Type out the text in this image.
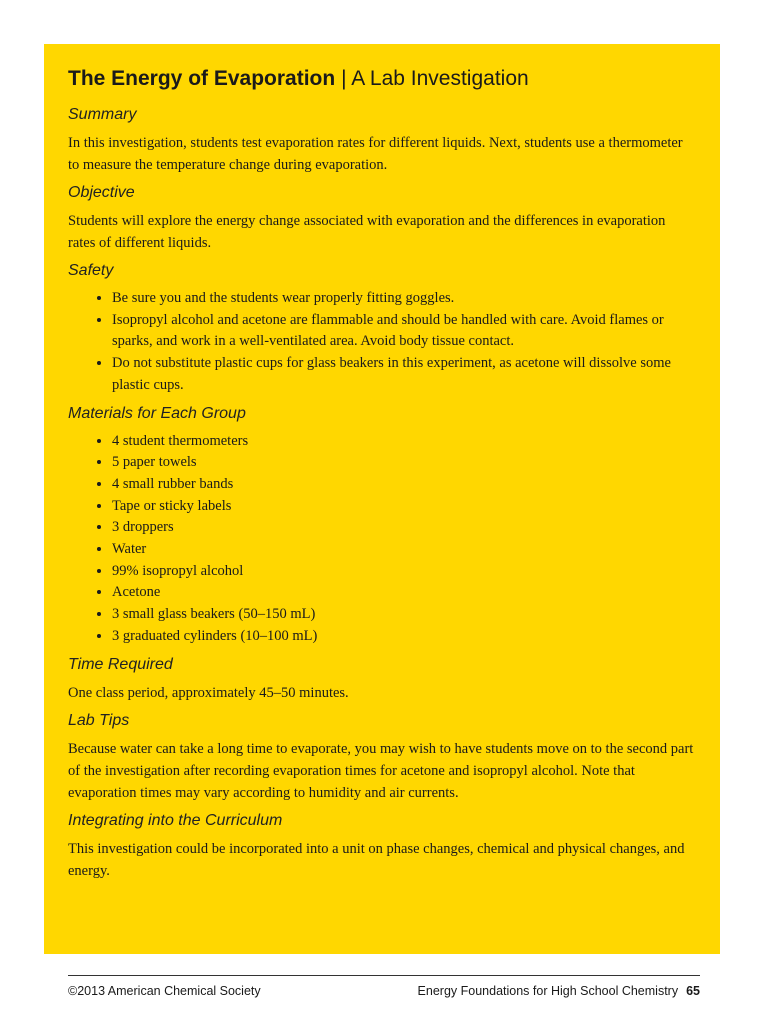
The Energy of Evaporation | A Lab Investigation
Summary

In this investigation, students test evaporation rates for different liquids. Next, students use a thermometer to measure the temperature change during evaporation.

Objective

Students will explore the energy change associated with evaporation and the differences in evaporation rates of different liquids.

Safety
• Be sure you and the students wear properly fitting goggles.
• Isopropyl alcohol and acetone are flammable and should be handled with care. Avoid flames or sparks, and work in a well-ventilated area. Avoid body tissue contact.
• Do not substitute plastic cups for glass beakers in this experiment, as acetone will dissolve some plastic cups.
Materials for Each Group
• 4 student thermometers
• 5 paper towels
• 4 small rubber bands
• Tape or sticky labels
• 3 droppers
• Water
• 99% isopropyl alcohol
• Acetone
• 3 small glass beakers (50–150 mL)
• 3 graduated cylinders (10–100 mL)
Time Required

One class period, approximately 45–50 minutes.

Lab Tips

Because water can take a long time to evaporate, you may wish to have students move on to the second part of the investigation after recording evaporation times for acetone and isopropyl alcohol. Note that evaporation times may vary according to humidity and air currents.

Integrating into the Curriculum

This investigation could be incorporated into a unit on phase changes, chemical and physical changes, and energy.

©2013 American Chemical Society	Energy Foundations for High School Chemistry 65
